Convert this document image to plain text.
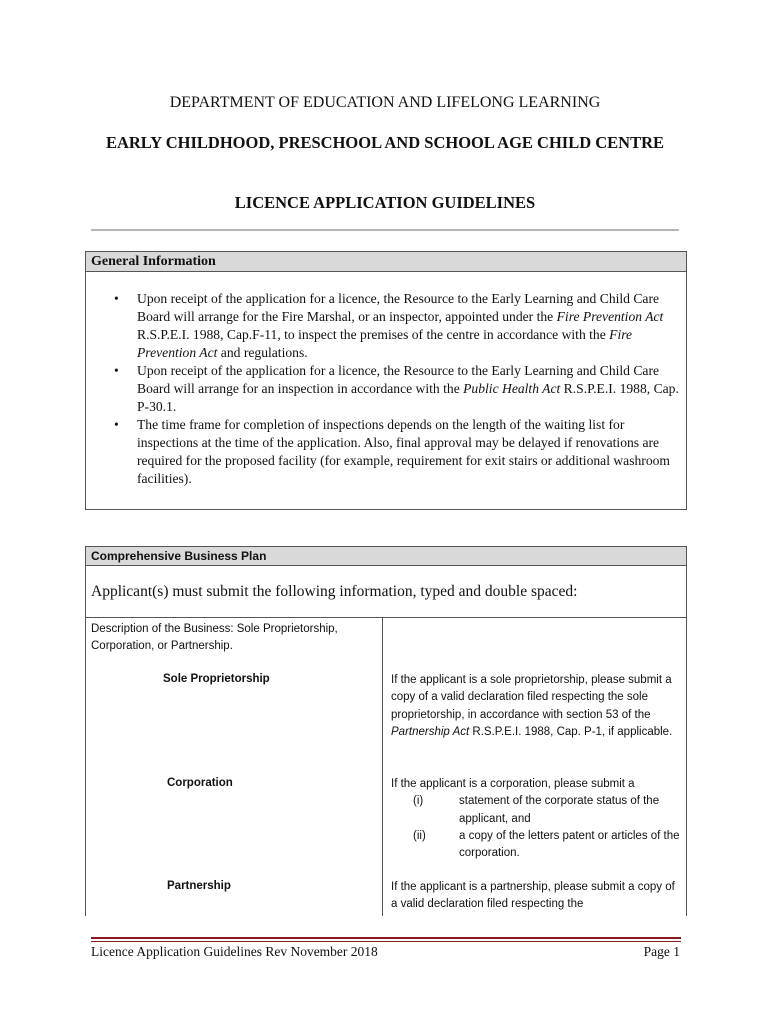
DEPARTMENT OF EDUCATION AND LIFELONG LEARNING
EARLY CHILDHOOD, PRESCHOOL AND SCHOOL AGE CHILD CENTRE
LICENCE APPLICATION GUIDELINES
General Information
• Upon receipt of the application for a licence, the Resource to the Early Learning and Child Care Board will arrange for the Fire Marshal, or an inspector, appointed under the Fire Prevention Act R.S.P.E.I. 1988, Cap.F-11, to inspect the premises of the centre in accordance with the Fire Prevention Act and regulations.
• Upon receipt of the application for a licence, the Resource to the Early Learning and Child Care Board will arrange for an inspection in accordance with the Public Health Act R.S.P.E.I. 1988, Cap. P-30.1.
• The time frame for completion of inspections depends on the length of the waiting list for inspections at the time of the application. Also, final approval may be delayed if renovations are required for the proposed facility (for example, requirement for exit stairs or additional washroom facilities).
Comprehensive Business Plan
Applicant(s) must submit the following information, typed and double spaced:
Description of the Business: Sole Proprietorship, Corporation, or Partnership.
Sole Proprietorship	If the applicant is a sole proprietorship, please submit a copy of a valid declaration filed respecting the sole proprietorship, in accordance with section 53 of the Partnership Act R.S.P.E.I. 1988, Cap. P-1, if applicable.
Corporation	If the applicant is a corporation, please submit a
(i)	statement of the corporate status of the applicant, and
(ii)	a copy of the letters patent or articles of the corporation.
Partnership	If the applicant is a partnership, please submit a copy of a valid declaration filed respecting the
Licence Application Guidelines Rev November 2018	Page 1
